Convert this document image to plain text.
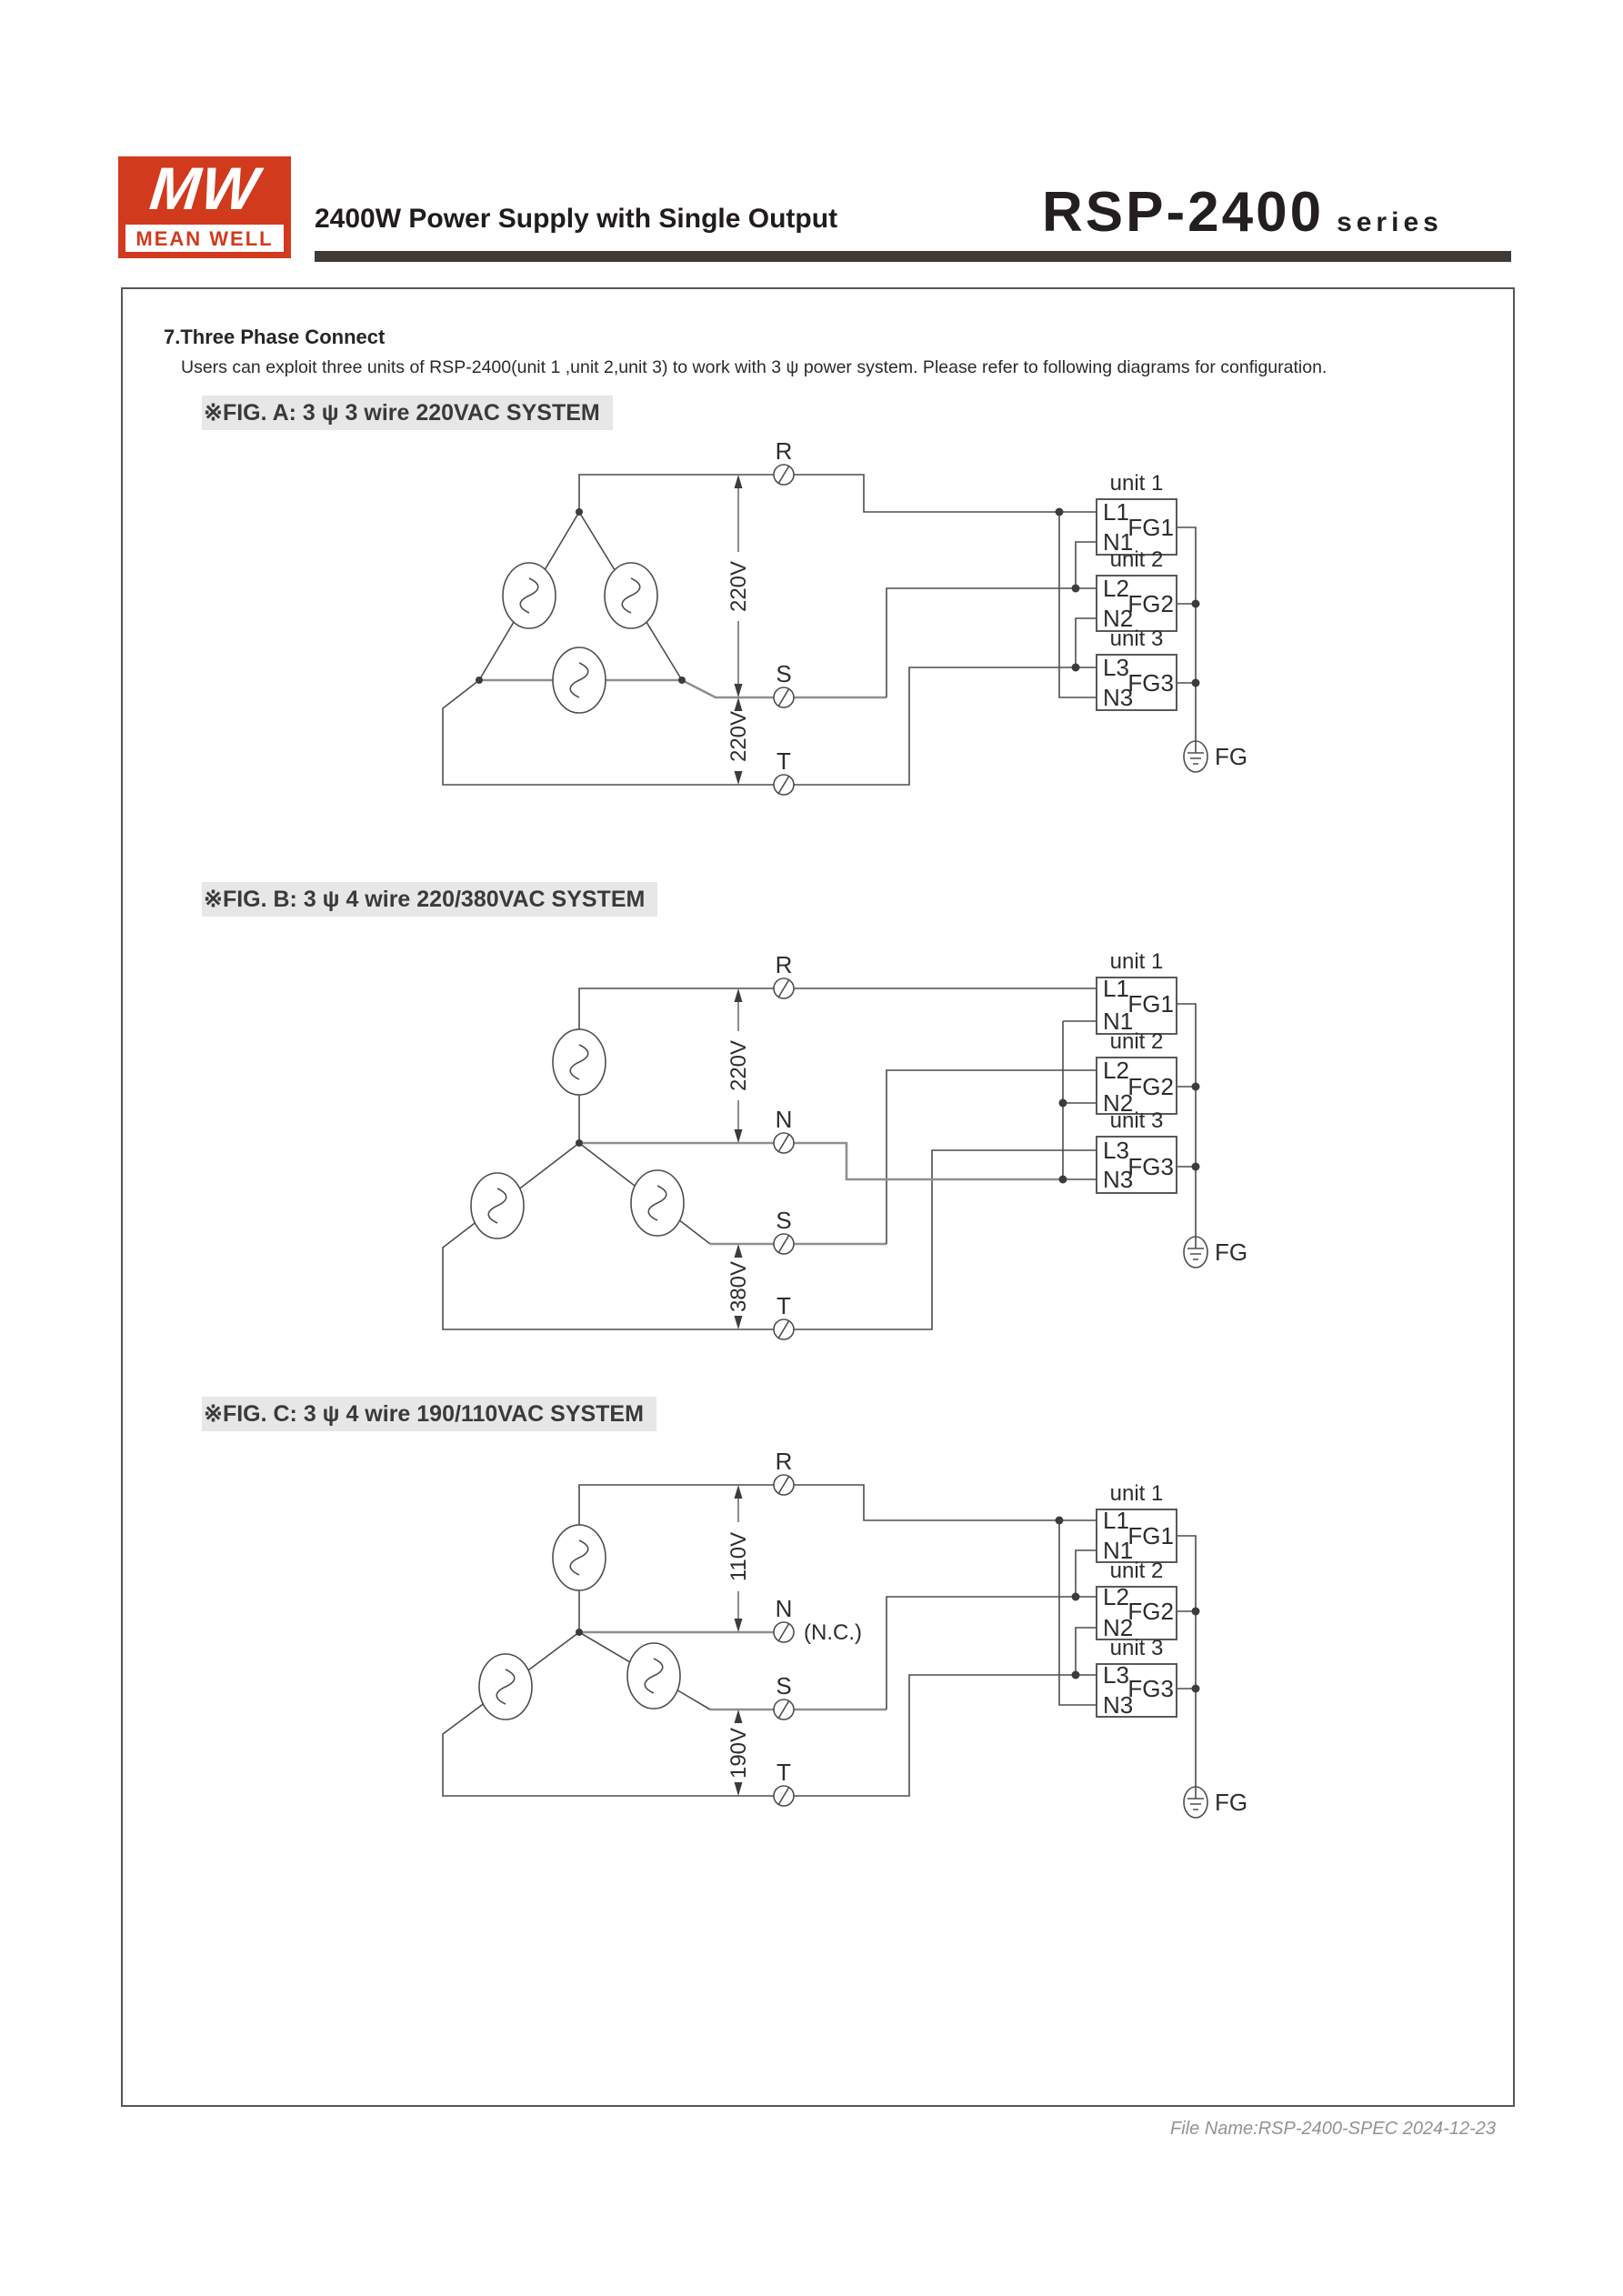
MW
MEAN WELL
2400W Power Supply with Single Output	RSP-2400 series
7.Three Phase Connect
Users can exploit three units of RSP-2400(unit 1 ,unit 2,unit 3) to work with 3 ψ power system. Please refer to following diagrams for configuration.
※FIG. A: 3 ψ 3 wire 220VAC SYSTEM
※FIG. B: 3 ψ 4 wire 220/380VAC SYSTEM
※FIG. C: 3 ψ 4 wire 190/110VAC SYSTEM
220V
220V
R
S
T
unit 1
L1
N1
FG1
unit 2
L2
N2
FG2
unit 3
L3
N3
FG3
FG
220V
380V
R
N
S
T
unit 1
L1
N1
FG1
unit 2
L2
N2
FG2
unit 3
L3
N3
FG3
FG
110V
190V
R
N
S
T
(N.C.)
unit 1
L1
N1
FG1
unit 2
L2
N2
FG2
unit 3
L3
N3
FG3
FG
File Name:RSP-2400-SPEC 2024-12-23
